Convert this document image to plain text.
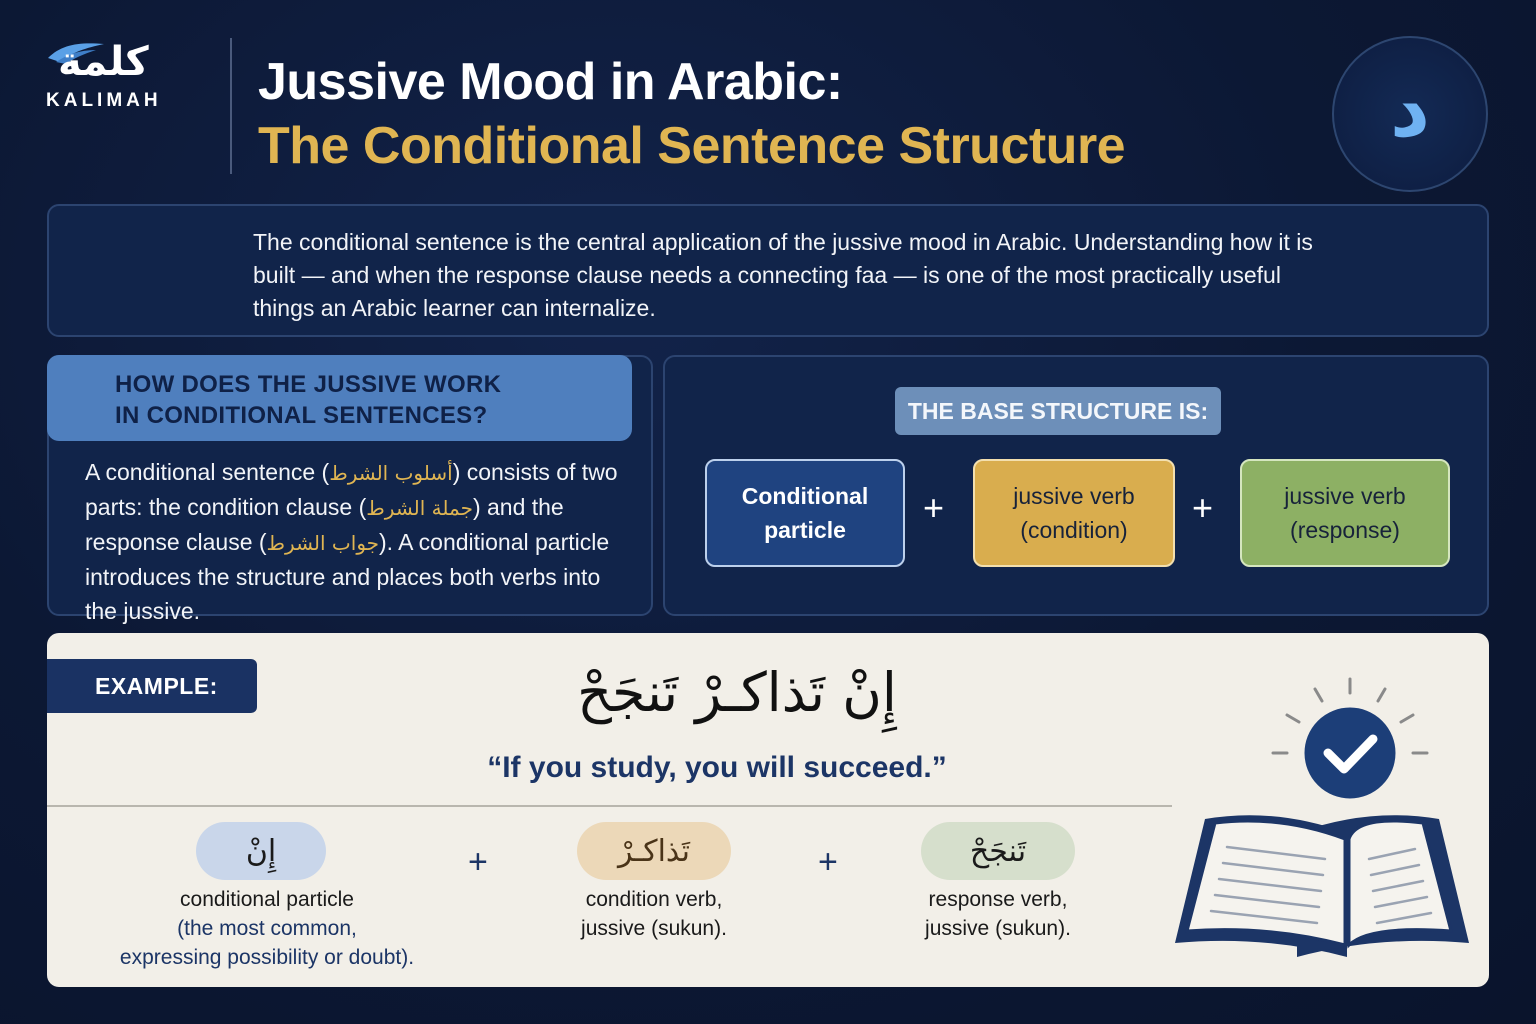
كلمة
KALIMAH Jussive Mood in Arabic:
The Conditional Sentence Structure	د

The conditional sentence is the central application of the jussive mood in Arabic. Understanding how it is built — and when the response clause needs a connecting faa — is one of the most practically useful things an Arabic learner can internalize.

HOW DOES THE JUSSIVE WORK
IN CONDITIONAL SENTENCES?
A conditional sentence (أسلوب الشرط) consists of two parts: the condition clause (جملة الشرط) and the response clause (جواب الشرط). A conditional particle introduces the structure and places both verbs into the jussive.
THE BASE STRUCTURE IS:
Conditional
particle
+	jussive verb
(condition)
+	jussive verb
(response)
EXAMPLE:	إِنْ تَذاكـرْ تَنجَحْ
“If you study, you will succeed.”
إِنْ	+	تَذاكـرْ	+	تَنجَحْ
conditional particle
(the most common,
expressing possibility or doubt).
condition verb,
jussive (sukun).
response verb,
jussive (sukun).
